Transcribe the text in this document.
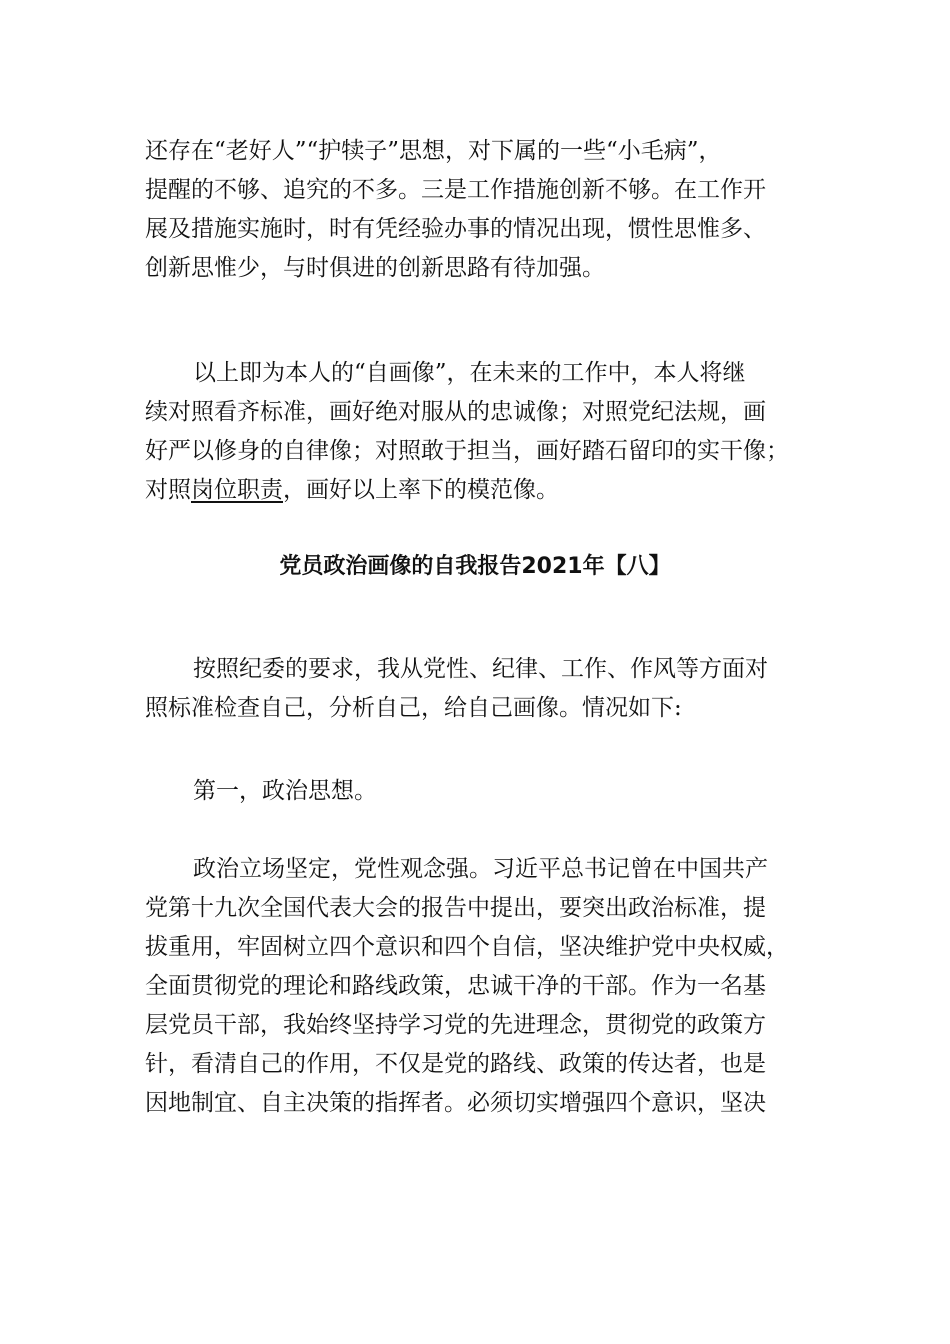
还存在“老好人”“护犊子”思想，对下属的一些“小毛病”，
提醒的不够、追究的不多。三是工作措施创新不够。在工作开
展及措施实施时，时有凭经验办事的情况出现，惯性思惟多、
创新思惟少，与时俱进的创新思路有待加强。
以上即为本人的“自画像”，在未来的工作中，本人将继
续对照看齐标准，画好绝对服从的忠诚像；对照党纪法规，画
好严以修身的自律像；对照敢于担当，画好踏石留印的实干像；
对照岗位职责，画好以上率下的模范像。
党员政治画像的自我报告2021年【八】
按照纪委的要求，我从党性、纪律、工作、作风等方面对
照标准检查自己，分析自己，给自己画像。情况如下:
第一，政治思想。
政治立场坚定，党性观念强。习近平总书记曾在中国共产
党第十九次全国代表大会的报告中提出，要突出政治标准，提
拔重用，牢固树立四个意识和四个自信，坚决维护党中央权威，
全面贯彻党的理论和路线政策，忠诚干净的干部。作为一名基
层党员干部，我始终坚持学习党的先进理念，贯彻党的政策方
针，看清自己的作用，不仅是党的路线、政策的传达者，也是
因地制宜、自主决策的指挥者。必须切实增强四个意识，坚决
